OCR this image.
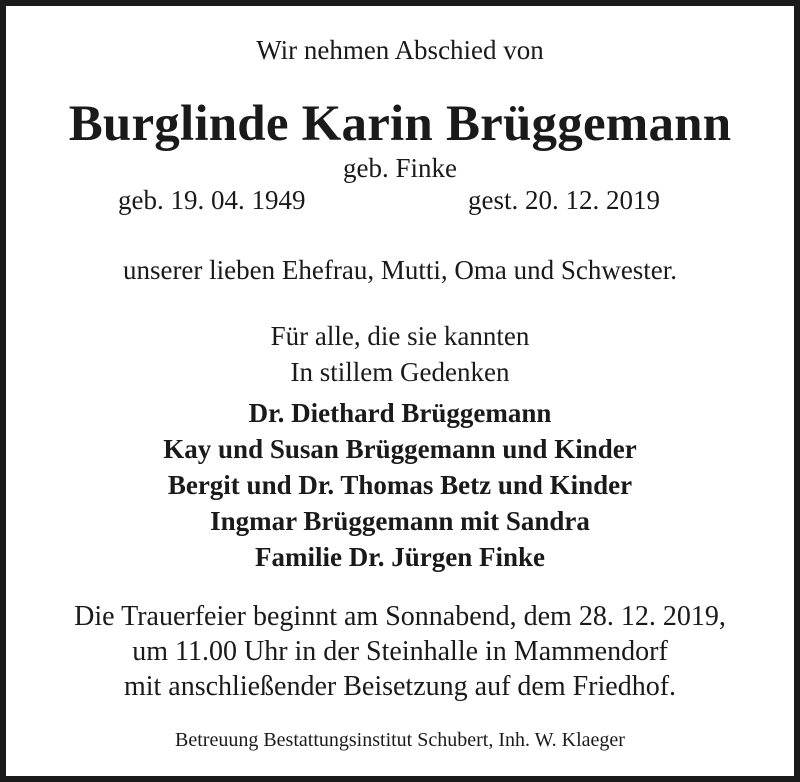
Wir nehmen Abschied von

Burglinde Karin Brüggemann

geb. Finke

geb. 19. 04. 1949	gest. 20. 12. 2019

unserer lieben Ehefrau, Mutti, Oma und Schwester.

Für alle, die sie kannten

In stillem Gedenken

Dr. Diethard Brüggemann
Kay und Susan Brüggemann und Kinder
Bergit und Dr. Thomas Betz und Kinder
Ingmar Brüggemann mit Sandra
Familie Dr. Jürgen Finke

Die Trauerfeier beginnt am Sonnabend, dem 28. 12. 2019,

um 11.00 Uhr in der Steinhalle in Mammendorf

mit anschließender Beisetzung auf dem Friedhof.

Betreuung Bestattungsinstitut Schubert, Inh. W. Klaeger
